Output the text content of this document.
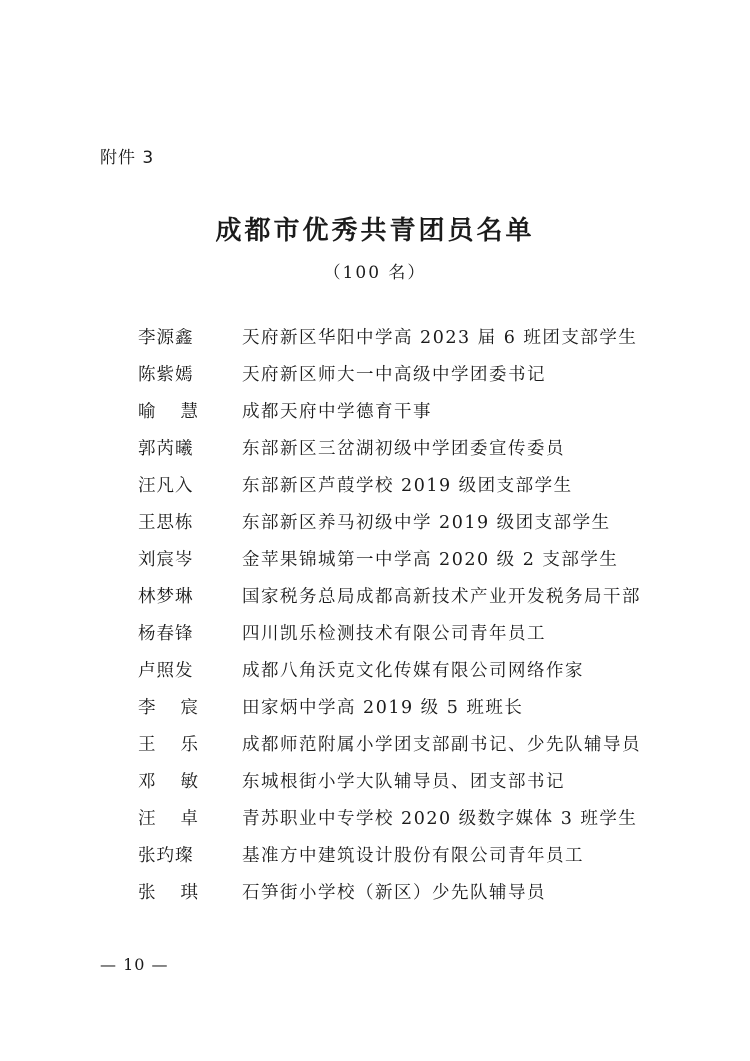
附件 3
成都市优秀共青团员名单
（100 名）
李源鑫	天府新区华阳中学高 2023 届 6 班团支部学生
陈紫嫣	天府新区师大一中高级中学团委书记
喻 慧	成都天府中学德育干事
郭芮曦	东部新区三岔湖初级中学团委宣传委员
汪凡入	东部新区芦葭学校 2019 级团支部学生
王思栋	东部新区养马初级中学 2019 级团支部学生
刘宸岑	金苹果锦城第一中学高 2020 级 2 支部学生
林梦琳	国家税务总局成都高新技术产业开发税务局干部
杨春锋	四川凯乐检测技术有限公司青年员工
卢照发	成都八角沃克文化传媒有限公司网络作家
李 宸	田家炳中学高 2019 级 5 班班长
王 乐	成都师范附属小学团支部副书记、少先队辅导员
邓 敏	东城根街小学大队辅导员、团支部书记
汪 卓	青苏职业中专学校 2020 级数字媒体 3 班学生
张玓璨	基准方中建筑设计股份有限公司青年员工
张 琪	石笋街小学校（新区）少先队辅导员
— 10 —
